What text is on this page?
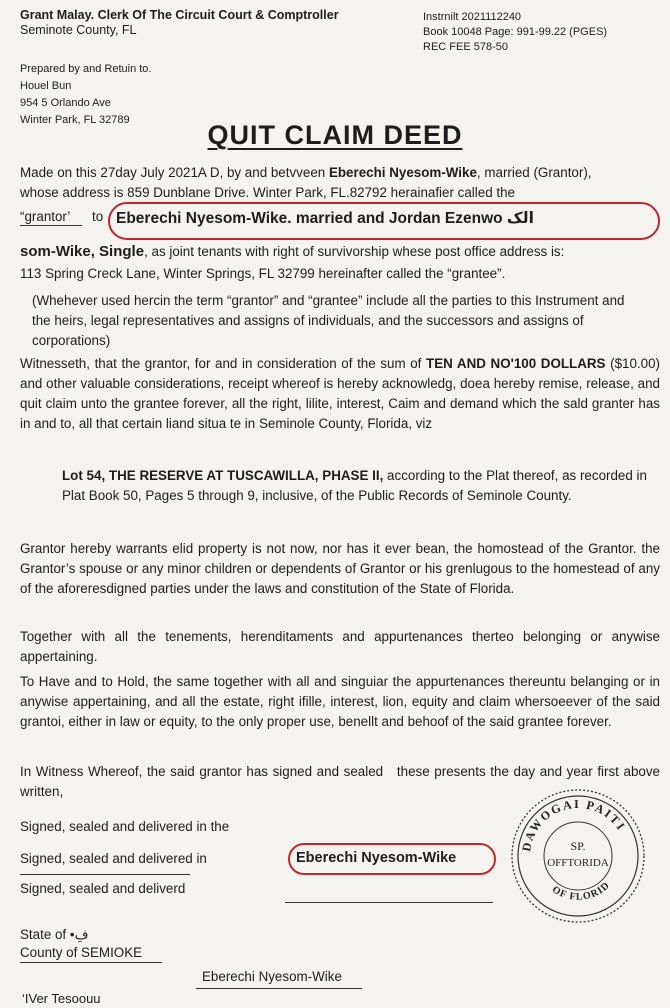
Grant Malay. Clerk Of The Circuit Court & Comptroller
Seminote County, FL
Instrnilt 2021112240
Book 10048 Page: 991-99.22 (PGES)
REC FEE 578-50
Prepared by and Retuin to.
Houel Bun
954 5 Orlando Ave
Winter Park, FL 32789	QUIT CLAIM DEED
Made on this 27day July 2021A D, by and betvveen Eberechi Nyesom-Wike, married (Grantor),
whose address is 859 Dunblane Drive. Winter Park, FL.82792 herainafier called the
“grantor’ to Eberechi Nyesom-Wike. married and Jordan Ezenwo الک
som-Wike, Single, as joint tenants with right of survivorship whese post office address is:
113 Spring Creck Lane, Winter Springs, FL 32799 hereinafter called the “grantee”.
(Whehever used hercin the term “grantor” and “grantee” include all the parties to this Instrument and the heirs, legal representatives and assigns of individuals, and the successors and assigns of corporations)
Witnesseth, that the grantor, for and in consideration of the sum of TEN AND NO'100 DOLLARS ($10.00) and other valuable considerations, receipt whereof is hereby acknowledg, doea hereby remise, release, and quit claim unto the grantee forever, all the right, lilite, interest, Caim and demand which the sald granter has in and to, all that certain liand situa te in Seminole County, Florida, viz
Lot 54, THE RESERVE AT TUSCAWILLA, PHASE II, according to the Plat thereof, as recorded in Plat Book 50, Pages 5 through 9, inclusive, of the Public Records of Seminole County.
Grantor hereby warrants elid property is not now, nor has it ever bean, the homostead of the Grantor. the Grantor’s spouse or any minor children or dependents of Grantor or his grenlugous to the homestead of any of the aforeresdigned parties under the laws and constitution of the State of Florida.
Together with all the tenements, herenditaments and appurtenances therteo belonging or anywise appertaining.
To Have and to Hold, the same together with all and singuiar the appurtenances thereuntu belanging or in anywise appertaining, and all the estate, right ifille, interest, lion, equity and claim whersoeever of the said grantoi, either in law or equity, to the only proper use, benellt and behoof of the said grantee forever.
In Witness Whereof, the said grantor has signed and sealed   these presents the day and year first above written,
Signed, sealed and delivered in the
Signed, sealed and delivered in	Eberechi Nyesom-Wike
Signed, sealed and deliverd
DAWOGAI PAITI
SP.
OFFTORIDA
OF FLORID
State of •فِ
County of SEMIOKE
Eberechi Nyesom-Wike
‘IVer Tesoouu
